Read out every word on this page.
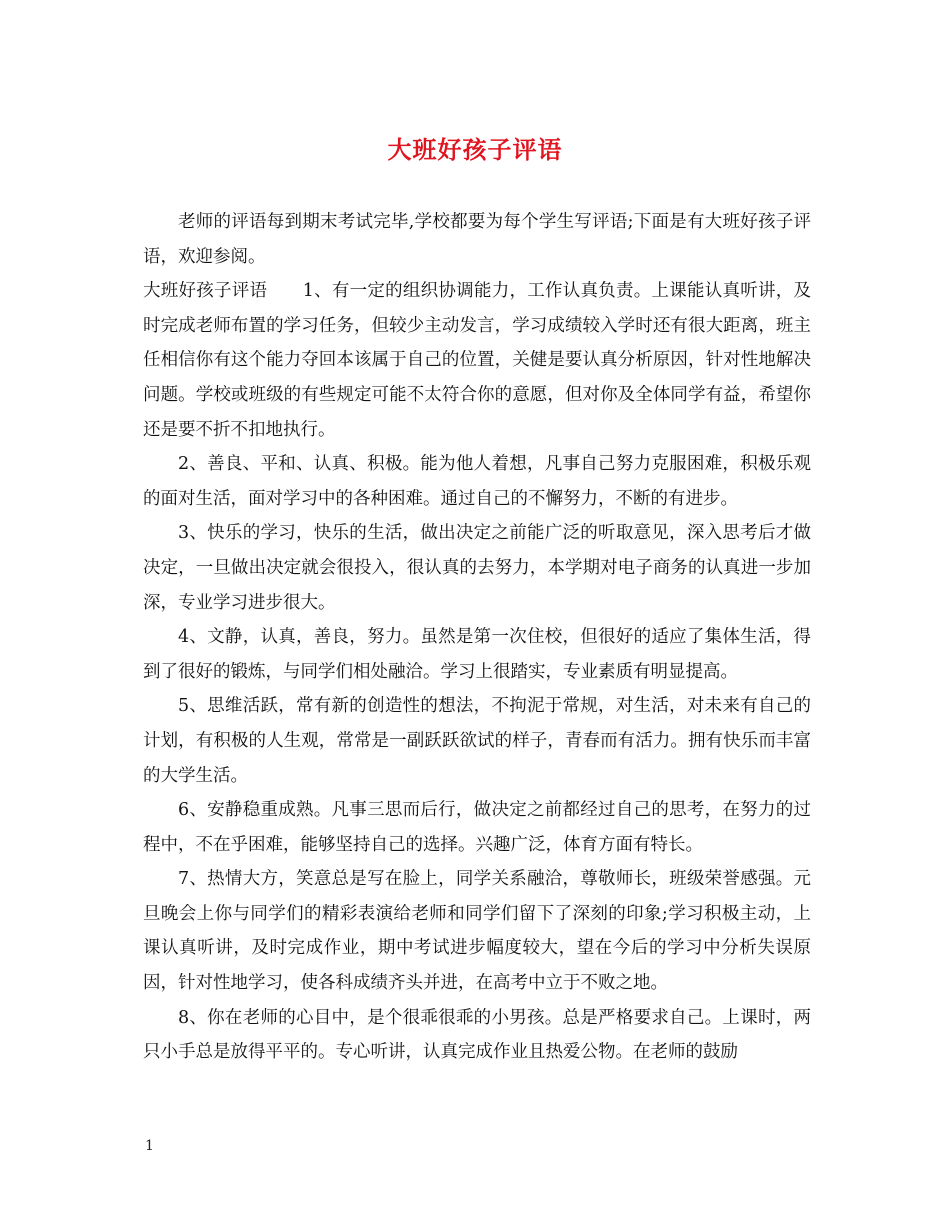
大班好孩子评语

老师的评语每到期末考试完毕,学校都要为每个学生写评语;下面是有大班好孩子评语，欢迎参阅。

大班好孩子评语　　1、有一定的组织协调能力，工作认真负责。上课能认真听讲，及时完成老师布置的学习任务，但较少主动发言，学习成绩较入学时还有很大距离，班主任相信你有这个能力夺回本该属于自己的位置，关健是要认真分析原因，针对性地解决问题。学校或班级的有些规定可能不太符合你的意愿，但对你及全体同学有益，希望你还是要不折不扣地执行。

2、善良、平和、认真、积极。能为他人着想，凡事自己努力克服困难，积极乐观的面对生活，面对学习中的各种困难。通过自己的不懈努力，不断的有进步。

3、快乐的学习，快乐的生活，做出决定之前能广泛的听取意见，深入思考后才做决定，一旦做出决定就会很投入，很认真的去努力，本学期对电子商务的认真进一步加深，专业学习进步很大。

4、文静，认真，善良，努力。虽然是第一次住校，但很好的适应了集体生活，得到了很好的锻炼，与同学们相处融洽。学习上很踏实，专业素质有明显提高。

5、思维活跃，常有新的创造性的想法，不拘泥于常规，对生活，对未来有自己的计划，有积极的人生观，常常是一副跃跃欲试的样子，青春而有活力。拥有快乐而丰富的大学生活。

6、安静稳重成熟。凡事三思而后行，做决定之前都经过自己的思考，在努力的过程中，不在乎困难，能够坚持自己的选择。兴趣广泛，体育方面有特长。

7、热情大方，笑意总是写在脸上，同学关系融洽，尊敬师长，班级荣誉感强。元旦晚会上你与同学们的精彩表演给老师和同学们留下了深刻的印象;学习积极主动，上课认真听讲，及时完成作业，期中考试进步幅度较大，望在今后的学习中分析失误原因，针对性地学习，使各科成绩齐头并进，在高考中立于不败之地。

8、你在老师的心目中，是个很乖很乖的小男孩。总是严格要求自己。上课时，两只小手总是放得平平的。专心听讲，认真完成作业且热爱公物。在老师的鼓励

1
